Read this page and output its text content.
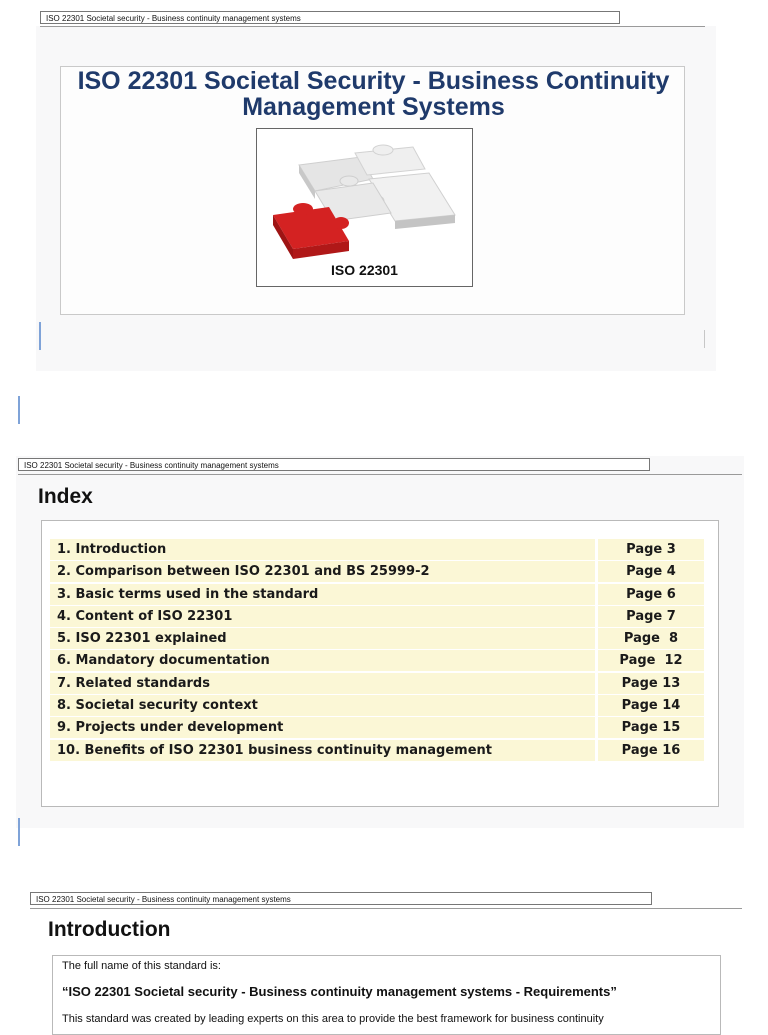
ISO 22301 Societal security - Business continuity management systems
ISO 22301 Societal Security - Business Continuity Management Systems
ISO 22301
ISO 22301 Societal security - Business continuity management systems
Index
1. Introduction	Page 3
2. Comparison between ISO 22301 and BS 25999-2	Page 4
3. Basic terms used in the standard	Page 6
4. Content of ISO 22301	Page 7
5. ISO 22301 explained	Page  8
6. Mandatory documentation	Page  12
7. Related standards	Page 13
8. Societal security context	Page 14
9. Projects under development	Page 15
10. Benefits of ISO 22301 business continuity management	Page 16
ISO 22301 Societal security - Business continuity management systems
Introduction
The full name of this standard is:
“ISO 22301 Societal security - Business continuity management systems - Requirements”
This standard was created by leading experts on this area to provide the best framework for business continuity
